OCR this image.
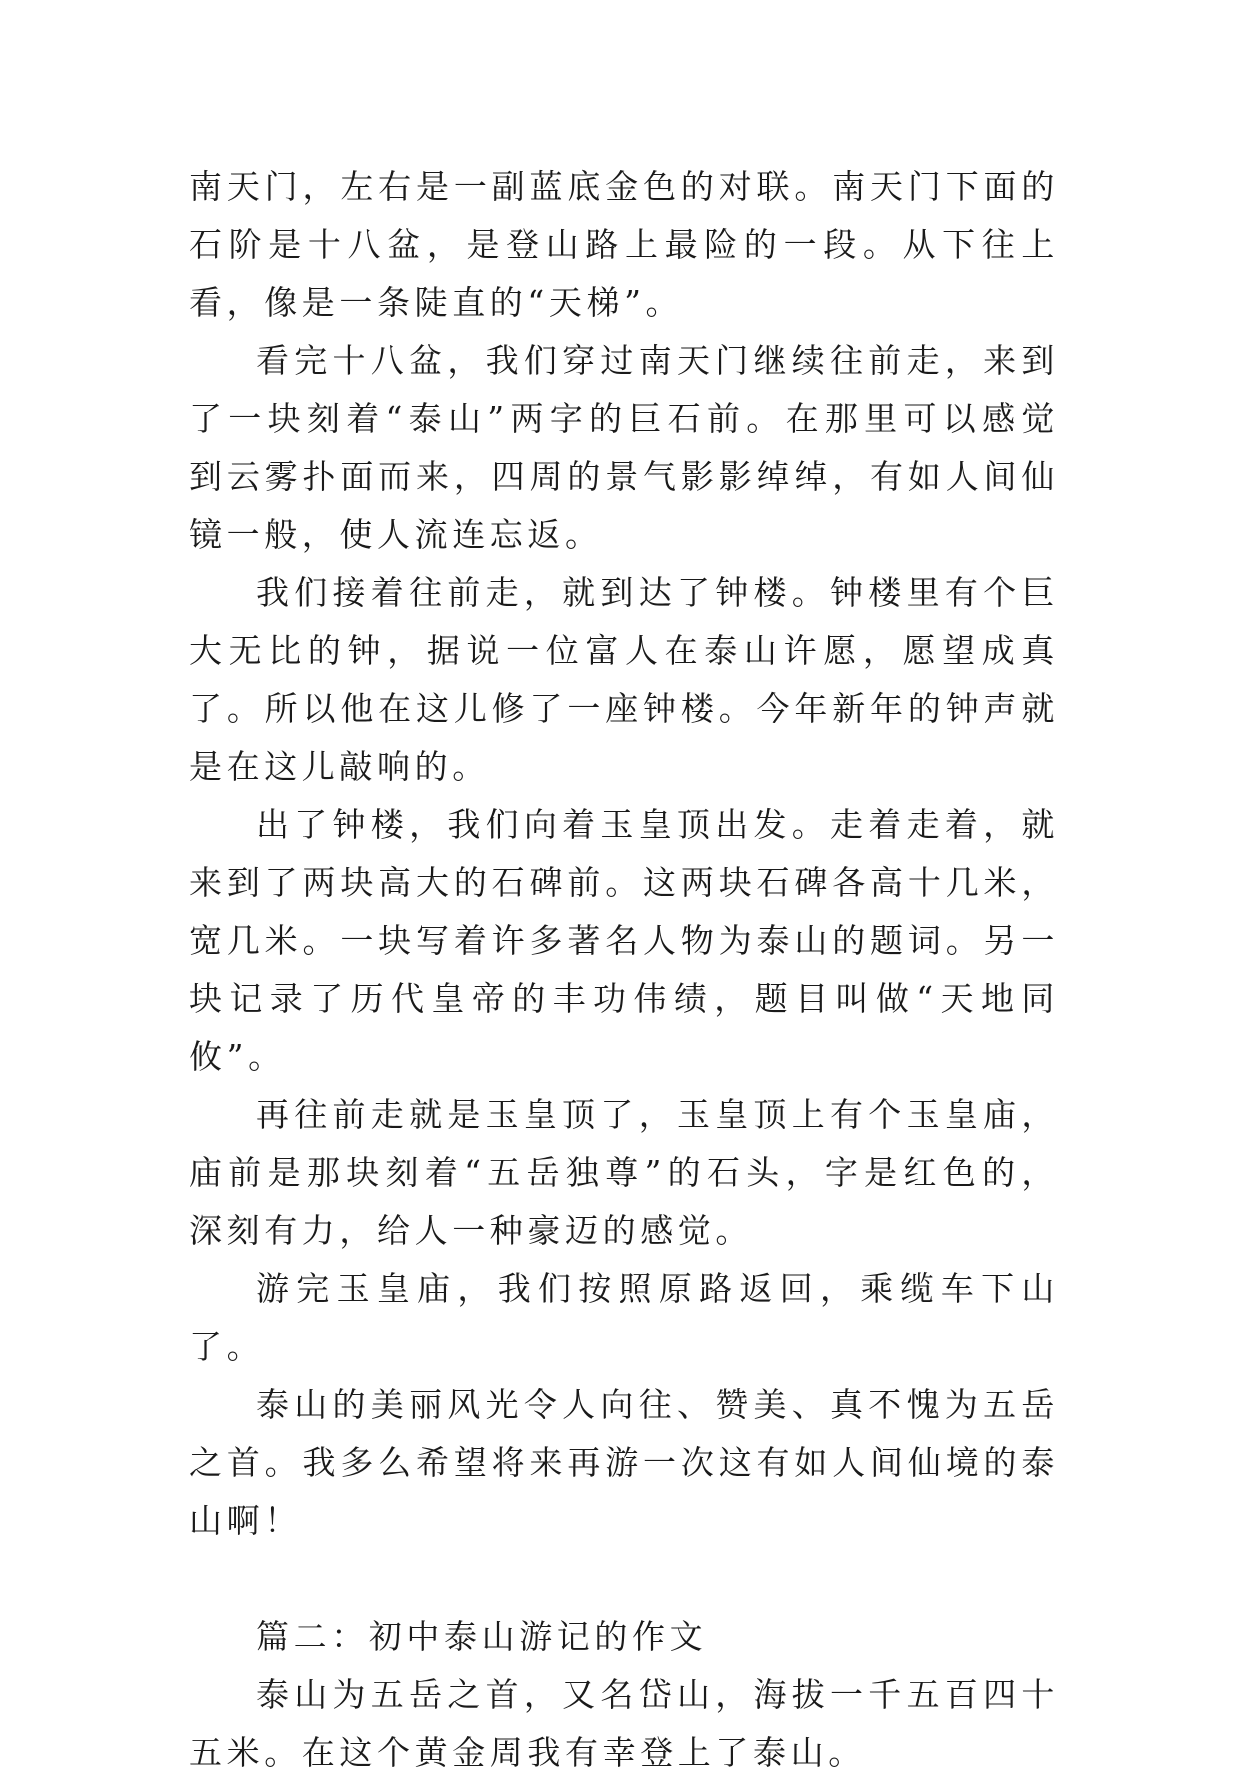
南天门，左右是一副蓝底金色的对联。南天门下面的石阶是十八盆，是登山路上最险的一段。从下往上看，像是一条陡直的“天梯”。

看完十八盆，我们穿过南天门继续往前走，来到了一块刻着“泰山”两字的巨石前。在那里可以感觉到云雾扑面而来，四周的景气影影绰绰，有如人间仙镜一般，使人流连忘返。

我们接着往前走，就到达了钟楼。钟楼里有个巨大无比的钟，据说一位富人在泰山许愿，愿望成真了。所以他在这儿修了一座钟楼。今年新年的钟声就是在这儿敲响的。

出了钟楼，我们向着玉皇顶出发。走着走着，就来到了两块高大的石碑前。这两块石碑各高十几米，宽几米。一块写着许多著名人物为泰山的题词。另一块记录了历代皇帝的丰功伟绩，题目叫做“天地同攸”。

再往前走就是玉皇顶了，玉皇顶上有个玉皇庙，庙前是那块刻着“五岳独尊”的石头，字是红色的，深刻有力，给人一种豪迈的感觉。

游完玉皇庙，我们按照原路返回，乘缆车下山了。

泰山的美丽风光令人向往、赞美、真不愧为五岳之首。我多么希望将来再游一次这有如人间仙境的泰山啊！

篇二：初中泰山游记的作文

泰山为五岳之首，又名岱山，海拔一千五百四十五米。在这个黄金周我有幸登上了泰山。
